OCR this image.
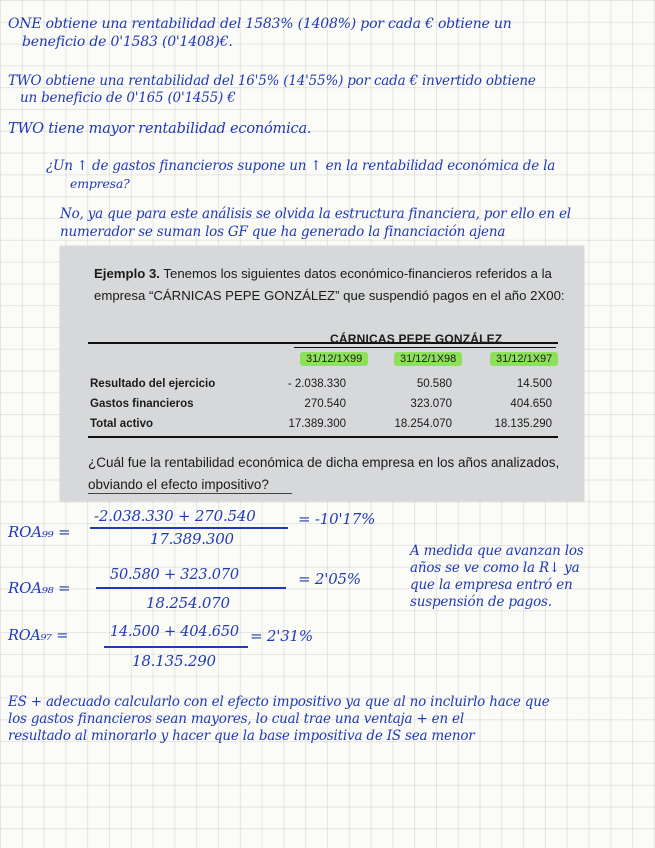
ONE obtiene una rentabilidad del 1583% (1408%) por cada € obtiene un
beneficio de 0'1583 (0'1408)€.
TWO obtiene una rentabilidad del 16'5% (14'55%) por cada € invertido obtiene
un beneficio de 0'165 (0'1455) €
TWO tiene mayor rentabilidad económica.
¿Un ↑ de gastos financieros supone un ↑ en la rentabilidad económica de la
empresa?
No, ya que para este análisis se olvida la estructura financiera, por ello en el
numerador se suman los GF que ha generado la financiación ajena
Ejemplo 3. Tenemos los siguientes datos económico-financieros referidos a la empresa “CÁRNICAS PEPE GONZÁLEZ” que suspendió pagos en el año 2X00:
CÁRNICAS PEPE GONZÁLEZ
31/12/1X99	31/12/1X98	31/12/1X97
Resultado del ejercicio	- 2.038.330	50.580	14.500
Gastos financieros	270.540	323.070	404.650
Total activo	17.389.300	18.254.070	18.135.290
¿Cuál fue la rentabilidad económica de dicha empresa en los años analizados,
obviando el efecto impositivo?
ROA₉₉ =
-2.038.330 + 270.540
17.389.300
= -10'17%
ROA₉₈ =
50.580 + 323.070
18.254.070
= 2'05%
ROA₉₇ =	14.500 + 404.650
18.135.290
= 2'31%
A medida que avanzan los
años se ve como la R↓ ya
que la empresa entró en
suspensión de pagos.
ES + adecuado calcularlo con el efecto impositivo ya que al no incluirlo hace que
los gastos financieros sean mayores, lo cual trae una ventaja + en el
resultado al minorarlo y hacer que la base impositiva de IS sea menor
